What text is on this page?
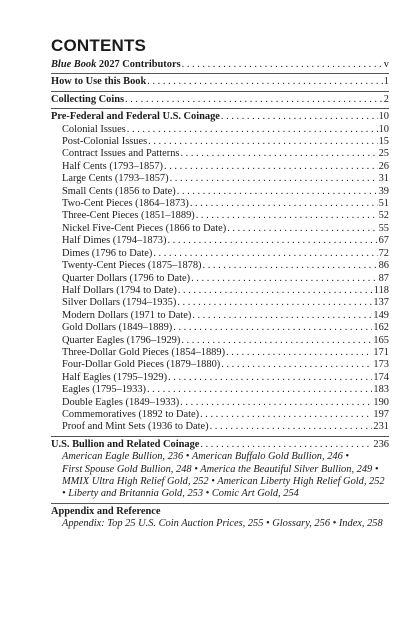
CONTENTS
Blue Book 2027 Contributors . . .	v
How to Use this Book . . .	1
Collecting Coins . . .	2
Pre-Federal and Federal U.S. Coinage . . .	10
Colonial Issues . . .	10
Post-Colonial Issues . . .	15
Contract Issues and Patterns . . .	25
Half Cents (1793–1857) . . .	26
Large Cents (1793–1857) . . .	31
Small Cents (1856 to Date) . . .	39
Two-Cent Pieces (1864–1873) . . .	51
Three-Cent Pieces (1851–1889) . . .	52
Nickel Five-Cent Pieces (1866 to Date) . . .	55
Half Dimes (1794–1873) . . .	67
Dimes (1796 to Date) . . .	72
Twenty-Cent Pieces (1875–1878) . . .	86
Quarter Dollars (1796 to Date) . . .	87
Half Dollars (1794 to Date) . . .	118
Silver Dollars (1794–1935) . . .	137
Modern Dollars (1971 to Date) . . .	149
Gold Dollars (1849–1889) . . .	162
Quarter Eagles (1796–1929) . . .	165
Three-Dollar Gold Pieces (1854–1889) . . .	171
Four-Dollar Gold Pieces (1879–1880) . . .	173
Half Eagles (1795–1929) . . .	174
Eagles (1795–1933) . . .	183
Double Eagles (1849–1933) . . .	190
Commemoratives (1892 to Date) . . .	197
Proof and Mint Sets (1936 to Date) . . .	231
U.S. Bullion and Related Coinage . . .	236
American Eagle Bullion, 236 • American Buffalo Gold Bullion, 246 •
First Spouse Gold Bullion, 248 • America the Beautiful Silver Bullion, 249 •
MMIX Ultra High Relief Gold, 252 • American Liberty High Relief Gold, 252
• Liberty and Britannia Gold, 253 • Comic Art Gold, 254
Appendix and Reference
Appendix: Top 25 U.S. Coin Auction Prices, 255 • Glossary, 256 • Index, 258
